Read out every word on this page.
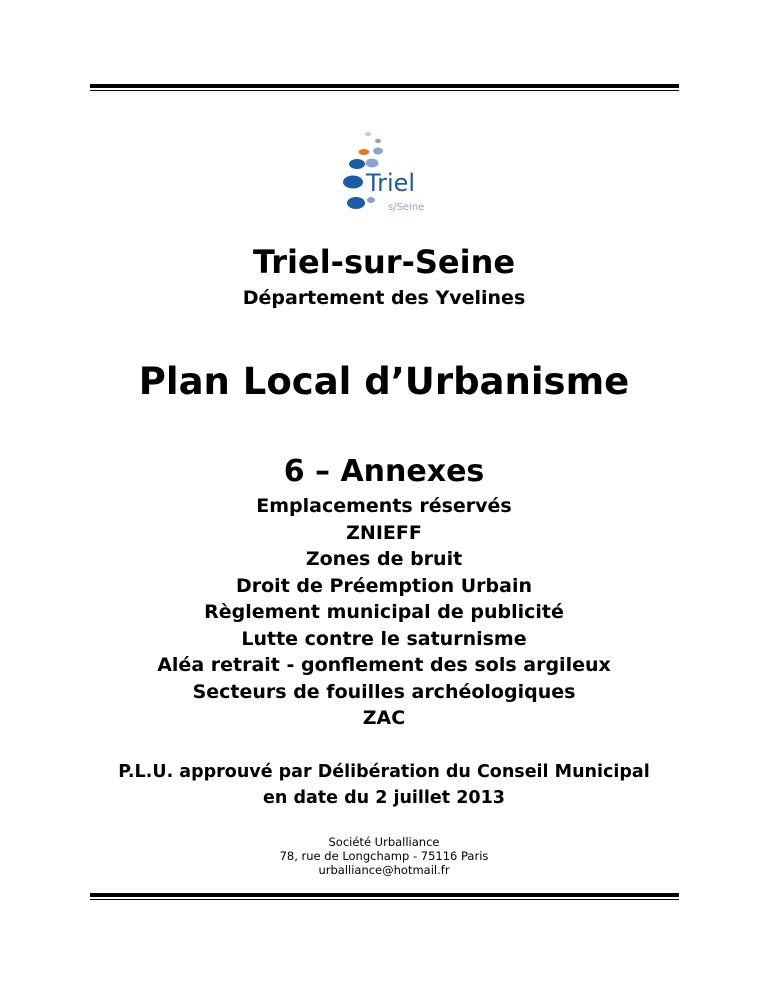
Triel
s/Seine
Triel-sur-Seine
Département des Yvelines
Plan Local d’Urbanisme
6 – Annexes
Emplacements réservés
ZNIEFF
Zones de bruit
Droit de Préemption Urbain
Règlement municipal de publicité
Lutte contre le saturnisme
Aléa retrait - gonflement des sols argileux
Secteurs de fouilles archéologiques
ZAC
P.L.U. approuvé par Délibération du Conseil Municipal
en date du 2 juillet 2013
Société Urballiance
78, rue de Longchamp - 75116 Paris
urballiance@hotmail.fr
